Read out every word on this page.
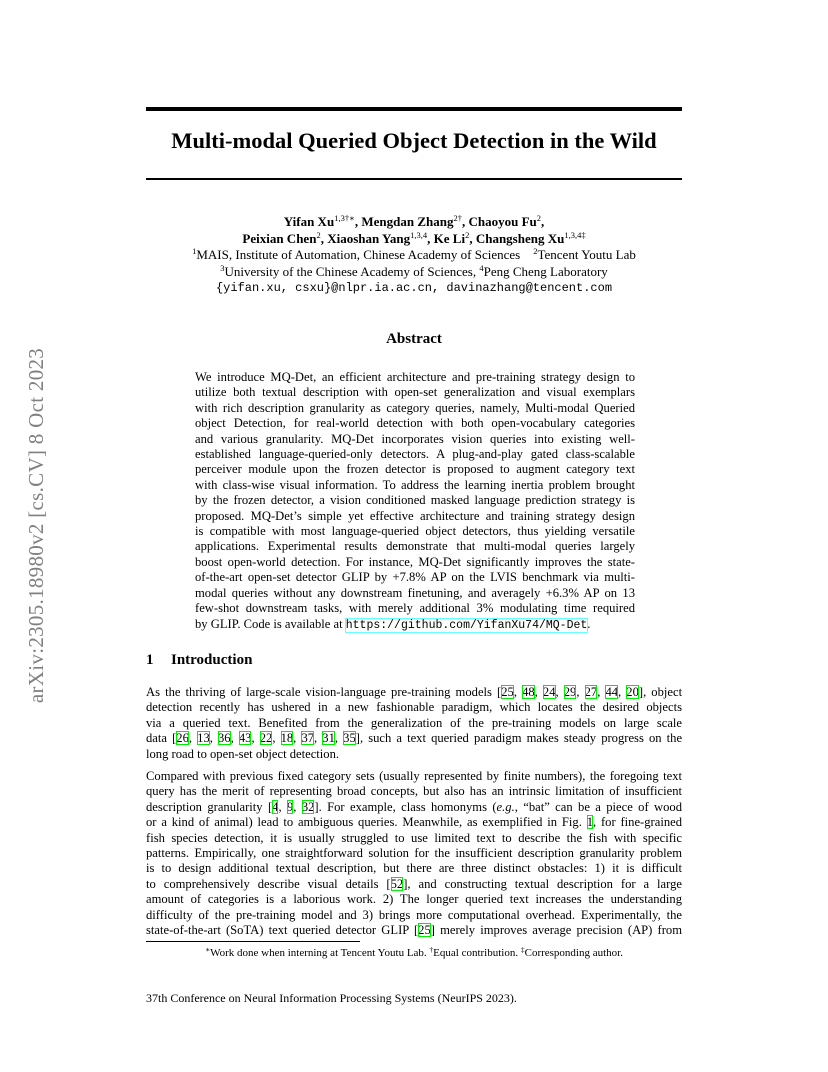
arXiv:2305.18980v2 [cs.CV] 8 Oct 2023
Multi-modal Queried Object Detection in the Wild
Yifan $Xu^{1,3\dagger∗}$, Mengdan Zhang$^{2\dagger}$, Chaoyou Fu$^2$,
Peixian Chen$^2$, Xiaoshan Yang$^{1,3,4}$, Ke Li$^2$, Changsheng $Xu^{1,3,4\ddagger}$
$^1$MAIS, Institute of Automation, Chinese Academy of Sciences $^2$Tencent Youtu Lab
$^3$University of the Chinese Academy of Sciences, $^4$Peng Cheng Laboratory
{yifan.xu, csxu}@nlpr.ia.ac.cn, davinazhang@tencent.com
Abstract
We introduce MQ-Det, an efficient architecture and pre-training strategy design to
utilize both textual description with open-set generalization and visual exemplars
with rich description granularity as category queries, namely, Multi-modal Queried
object Detection, for real-world detection with both open-vocabulary categories
and various granularity. MQ-Det incorporates vision queries into existing well-
established language-queried-only detectors. A plug-and-play gated class-scalable
perceiver module upon the frozen detector is proposed to augment category text
with class-wise visual information. To address the learning inertia problem brought
by the frozen detector, a vision conditioned masked language prediction strategy is
proposed. MQ-Det’s simple yet effective architecture and training strategy design
is compatible with most language-queried object detectors, thus yielding versatile
applications. Experimental results demonstrate that multi-modal queries largely
boost open-world detection. For instance, MQ-Det significantly improves the state-
of-the-art open-set detector GLIP by +7.8% AP on the LVIS benchmark via multi-
modal queries without any downstream finetuning, and averagely +6.3% AP on 13
few-shot downstream tasks, with merely additional 3% modulating time required
by GLIP. Code is available at https://github.com/YifanXu74/MQ-Det.
1 Introduction
As the thriving of large-scale vision-language pre-training models [25, 48, 24, 29, 27, 44, 20], object
detection recently has ushered in a new fashionable paradigm, which locates the desired objects
via a queried text. Benefited from the generalization of the pre-training models on large scale
data [26, 13, 36, 43, 22, 18, 37, 31, 35], such a text queried paradigm makes steady progress on the
long road to open-set object detection.
Compared with previous fixed category sets (usually represented by finite numbers), the foregoing text
query has the merit of representing broad concepts, but also has an intrinsic limitation of insufficient
description granularity [4, 9, 32]. For example, class homonyms (e.g., “bat” can be a piece of wood
or a kind of animal) lead to ambiguous queries. Meanwhile, as exemplified in Fig. 1, for fine-grained
fish species detection, it is usually struggled to use limited text to describe the fish with specific
patterns. Empirically, one straightforward solution for the insufficient description granularity problem
is to design additional textual description, but there are three distinct obstacles: 1) it is difficult
to comprehensively describe visual details [52], and constructing textual description for a large
amount of categories is a laborious work. 2) The longer queried text increases the understanding
difficulty of the pre-training model and 3) brings more computational overhead. Experimentally, the
state-of-the-art (SoTA) text queried detector GLIP [25] merely improves average precision (AP) from
∗Work done when interning at Tencent Youtu Lab. †Equal contribution. ‡Corresponding author.
37th Conference on Neural Information Processing Systems (NeurIPS 2023).
